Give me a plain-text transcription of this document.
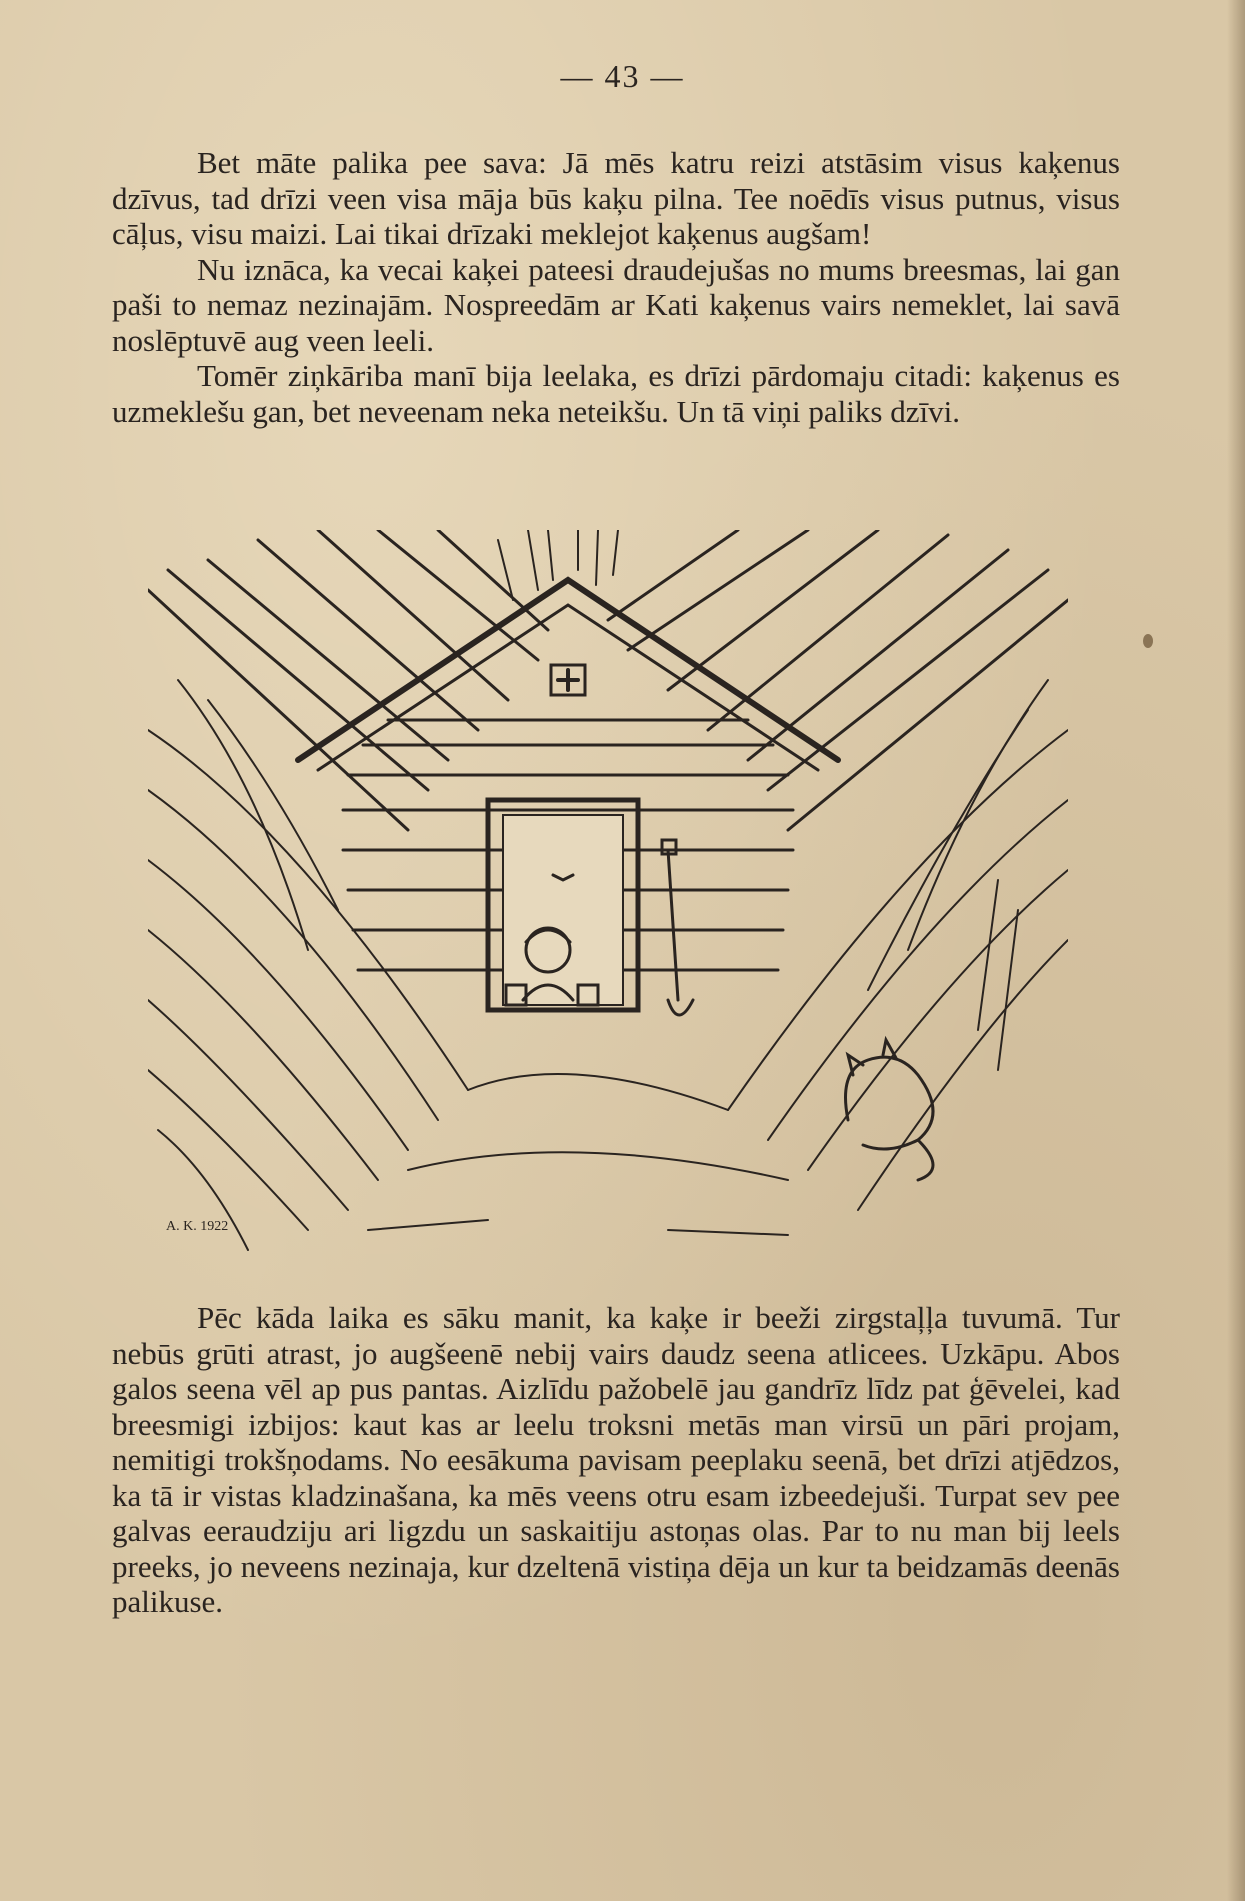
— 43 —

Bet māte palika pee sava: Jā mēs katru reizi atstāsim visus kaķenus dzīvus, tad drīzi veen visa māja būs kaķu pilna. Tee noēdīs visus putnus, visus cāļus, visu maizi. Lai tikai drīzaki meklejot kaķenus augšam!

Nu iznāca, ka vecai kaķei pateesi draudejušas no mums breesmas, lai gan paši to nemaz nezinajām. Nospreedām ar Kati kaķenus vairs nemeklet, lai savā noslēptuvē aug veen leeli.

Tomēr ziņkāriba manī bija leelaka, es drīzi pārdomaju citadi: kaķenus es uzmeklešu gan, bet neveenam neka neteikšu. Un tā viņi paliks dzīvi.

A. K. 1922

Pēc kāda laika es sāku manit, ka kaķe ir beeži zirgstaļļa tuvumā. Tur nebūs grūti atrast, jo augšeenē nebij vairs daudz seena atlicees. Uzkāpu. Abos galos seena vēl ap pus pantas. Aizlīdu pažobelē jau gandrīz līdz pat ģēvelei, kad breesmigi izbijos: kaut kas ar leelu troksni metās man virsū un pāri projam, nemitigi trokšņodams. No eesākuma pavisam peeplaku seenā, bet drīzi atjēdzos, ka tā ir vistas kladzinašana, ka mēs veens otru esam izbeedejuši. Turpat sev pee galvas eeraudziju ari ligzdu un saskaitiju astoņas olas. Par to nu man bij leels preeks, jo neveens nezinaja, kur dzeltenā vistiņa dēja un kur ta beidzamās deenās palikuse.
